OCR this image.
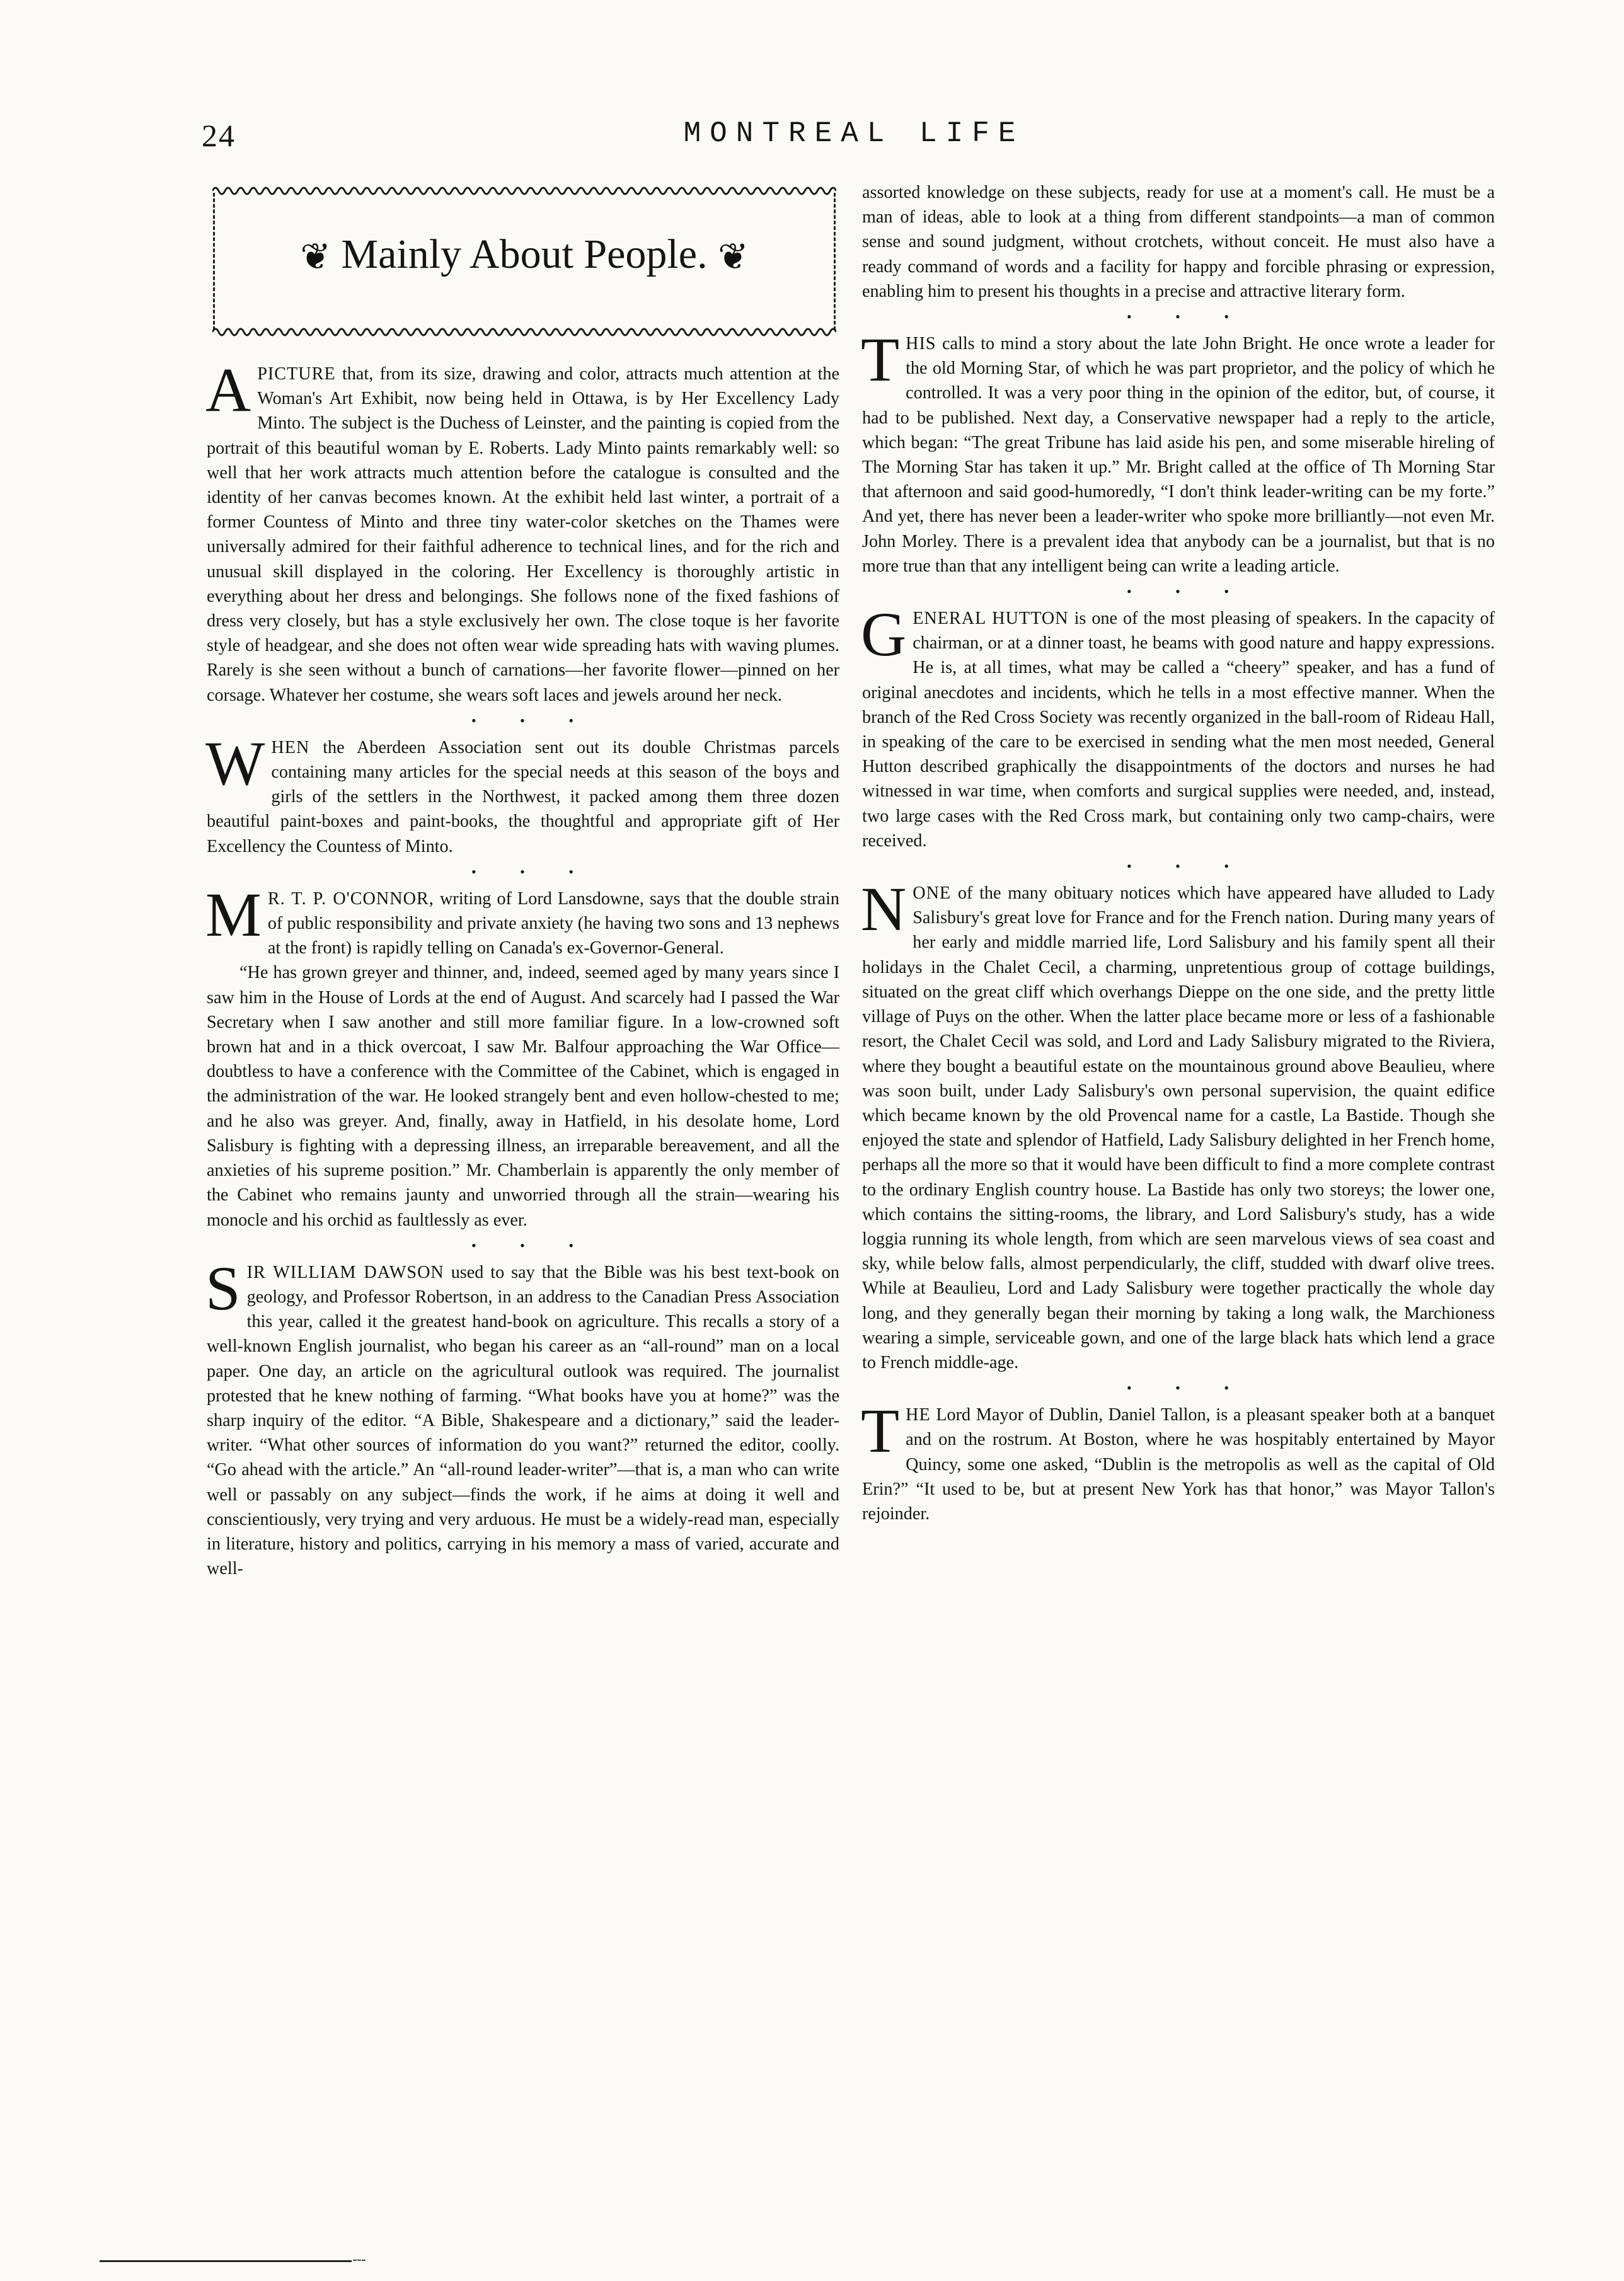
24	MONTREAL LIFE
❦ Mainly About People. ❦

APICTURE that, from its size, drawing and color, attracts much attention at the Woman's Art Exhibit, now being held in Ottawa, is by Her Excellency Lady Minto. The subject is the Duchess of Leinster, and the painting is copied from the portrait of this beautiful woman by E. Roberts. Lady Minto paints remarkably well: so well that her work attracts much attention before the catalogue is consulted and the identity of her canvas becomes known. At the exhibit held last winter, a portrait of a former Countess of Minto and three tiny water-color sketches on the Thames were universally admired for their faithful adherence to technical lines, and for the rich and unusual skill displayed in the coloring. Her Excellency is thoroughly artistic in everything about her dress and belongings. She follows none of the fixed fashions of dress very closely, but has a style exclusively her own. The close toque is her favorite style of headgear, and she does not often wear wide spreading hats with waving plumes. Rarely is she seen without a bunch of carnations—her favorite flower—pinned on her corsage. Whatever her costume, she wears soft laces and jewels around her neck.

• • •

WHEN the Aberdeen Association sent out its double Christmas parcels containing many articles for the special needs at this season of the boys and girls of the settlers in the Northwest, it packed among them three dozen beautiful paint-boxes and paint-books, the thoughtful and appropriate gift of Her Excellency the Countess of Minto.

• • •

M R. T. P. O'CONNOR, writing of Lord Lansdowne, says that the double strain of public responsibility and private anxiety (he having two sons and 13 nephews at the front) is rapidly telling on Canada's ex-Governor-General.

“He has grown greyer and thinner, and, indeed, seemed aged by many years since I saw him in the House of Lords at the end of August. And scarcely had I passed the War Secretary when I saw another and still more familiar figure. In a low-crowned soft brown hat and in a thick overcoat, I saw Mr. Balfour approaching the War Office—doubtless to have a conference with the Committee of the Cabinet, which is engaged in the administration of the war. He looked strangely bent and even hollow-chested to me; and he also was greyer. And, finally, away in Hatfield, in his desolate home, Lord Salisbury is fighting with a depressing illness, an irreparable bereavement, and all the anxieties of his supreme position.” Mr. Chamberlain is apparently the only member of the Cabinet who remains jaunty and unworried through all the strain—wearing his monocle and his orchid as faultlessly as ever.

• • •

SIR WILLIAM DAWSON used to say that the Bible was his best text-book on geology, and Professor Robertson, in an address to the Canadian Press Association this year, called it the greatest hand-book on agriculture. This recalls a story of a well-known English journalist, who began his career as an “all-round” man on a local paper. One day, an article on the agricultural outlook was required. The journalist protested that he knew nothing of farming. “What books have you at home?” was the sharp inquiry of the editor. “A Bible, Shakespeare and a dictionary,” said the leader-writer. “What other sources of information do you want?” returned the editor, coolly. “Go ahead with the article.” An “all-round leader-writer”—that is, a man who can write well or passably on any subject—finds the work, if he aims at doing it well and conscientiously, very trying and very arduous. He must be a widely-read man, especially in literature, history and politics, carrying in his memory a mass of varied, accurate and well-

assorted knowledge on these subjects, ready for use at a moment's call. He must be a man of ideas, able to look at a thing from different standpoints—a man of common sense and sound judgment, without crotchets, without conceit. He must also have a ready command of words and a facility for happy and forcible phrasing or expression, enabling him to present his thoughts in a precise and attractive literary form.

• • •

THIS calls to mind a story about the late John Bright. He once wrote a leader for the old Morning Star, of which he was part proprietor, and the policy of which he controlled. It was a very poor thing in the opinion of the editor, but, of course, it had to be published. Next day, a Conservative newspaper had a reply to the article, which began: “The great Tribune has laid aside his pen, and some miserable hireling of The Morning Star has taken it up.” Mr. Bright called at the office of Th Morning Star that afternoon and said good-humoredly, “I don't think leader-writing can be my forte.” And yet, there has never been a leader-writer who spoke more brilliantly—not even Mr. John Morley. There is a prevalent idea that anybody can be a journalist, but that is no more true than that any intelligent being can write a leading article.

• • •

GENERAL HUTTON is one of the most pleasing of speakers. In the capacity of chairman, or at a dinner toast, he beams with good nature and happy expressions. He is, at all times, what may be called a “cheery” speaker, and has a fund of original anecdotes and incidents, which he tells in a most effective manner. When the branch of the Red Cross Society was recently organized in the ball-room of Rideau Hall, in speaking of the care to be exercised in sending what the men most needed, General Hutton described graphically the disappointments of the doctors and nurses he had witnessed in war time, when comforts and surgical supplies were needed, and, instead, two large cases with the Red Cross mark, but containing only two camp-chairs, were received.

• • •

NONE of the many obituary notices which have appeared have alluded to Lady Salisbury's great love for France and for the French nation. During many years of her early and middle married life, Lord Salisbury and his family spent all their holidays in the Chalet Cecil, a charming, unpretentious group of cottage buildings, situated on the great cliff which overhangs Dieppe on the one side, and the pretty little village of Puys on the other. When the latter place became more or less of a fashionable resort, the Chalet Cecil was sold, and Lord and Lady Salisbury migrated to the Riviera, where they bought a beautiful estate on the mountainous ground above Beaulieu, where was soon built, under Lady Salisbury's own personal supervision, the quaint edifice which became known by the old Provencal name for a castle, La Bastide. Though she enjoyed the state and splendor of Hatfield, Lady Salisbury delighted in her French home, perhaps all the more so that it would have been difficult to find a more complete contrast to the ordinary English country house. La Bastide has only two storeys; the lower one, which contains the sitting-rooms, the library, and Lord Salisbury's study, has a wide loggia running its whole length, from which are seen marvelous views of sea coast and sky, while below falls, almost perpendicularly, the cliff, studded with dwarf olive trees. While at Beaulieu, Lord and Lady Salisbury were together practically the whole day long, and they generally began their morning by taking a long walk, the Marchioness wearing a simple, serviceable gown, and one of the large black hats which lend a grace to French middle-age.

• • •

THE Lord Mayor of Dublin, Daniel Tallon, is a pleasant speaker both at a banquet and on the rostrum. At Boston, where he was hospitably entertained by Mayor Quincy, some one asked, “Dublin is the metropolis as well as the capital of Old Erin?” “It used to be, but at present New York has that honor,” was Mayor Tallon's rejoinder.
